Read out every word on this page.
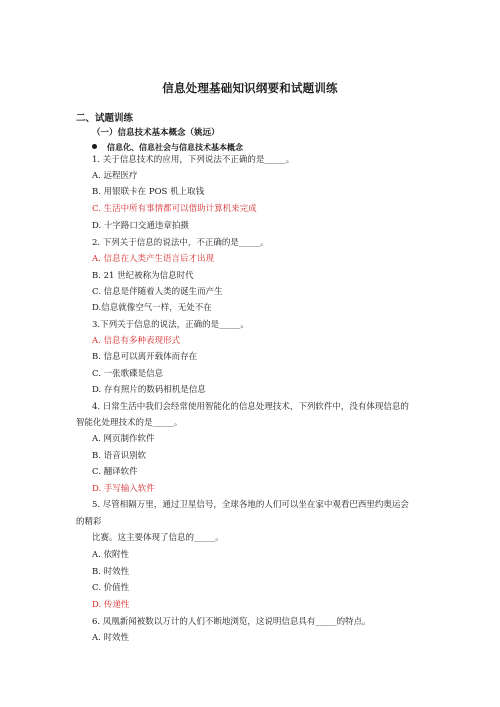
信息处理基础知识纲要和试题训练
二、试题训练
（一）信息技术基本概念（姚远）
信息化、信息社会与信息技术基本概念
1. 关于信息技术的应用，下列说法不正确的是_____。
A. 远程医疗
B. 用银联卡在 POS 机上取钱
C. 生活中所有事情都可以借助计算机来完成
D. 十字路口交通违章拍摄
2. 下列关于信息的说法中，不正确的是_____。
A. 信息在人类产生语言后才出现
B. 21 世纪被称为信息时代
C. 信息是伴随着人类的诞生而产生
D.信息就像空气一样，无处不在
3.下列关于信息的说法，正确的是_____。
A. 信息有多种表现形式
B. 信息可以离开载体而存在
C. 一张歌碟是信息
D. 存有照片的数码相机是信息
4. 日常生活中我们会经常使用智能化的信息处理技术，下列软件中，没有体现信息的
智能化处理技术的是_____。
A. 网页制作软件
B. 语音识别软
C. 翻译软件
D. 手写输入软件
5. 尽管相隔万里，通过卫星信号，全球各地的人们可以坐在家中观看巴西里约奥运会
的精彩
比赛。这主要体现了信息的_____。
A. 依附性
B. 时效性
C. 价值性
D. 传递性
6. 凤凰新闻被数以万计的人们不断地浏览，这说明信息具有_____的特点。
A. 时效性
